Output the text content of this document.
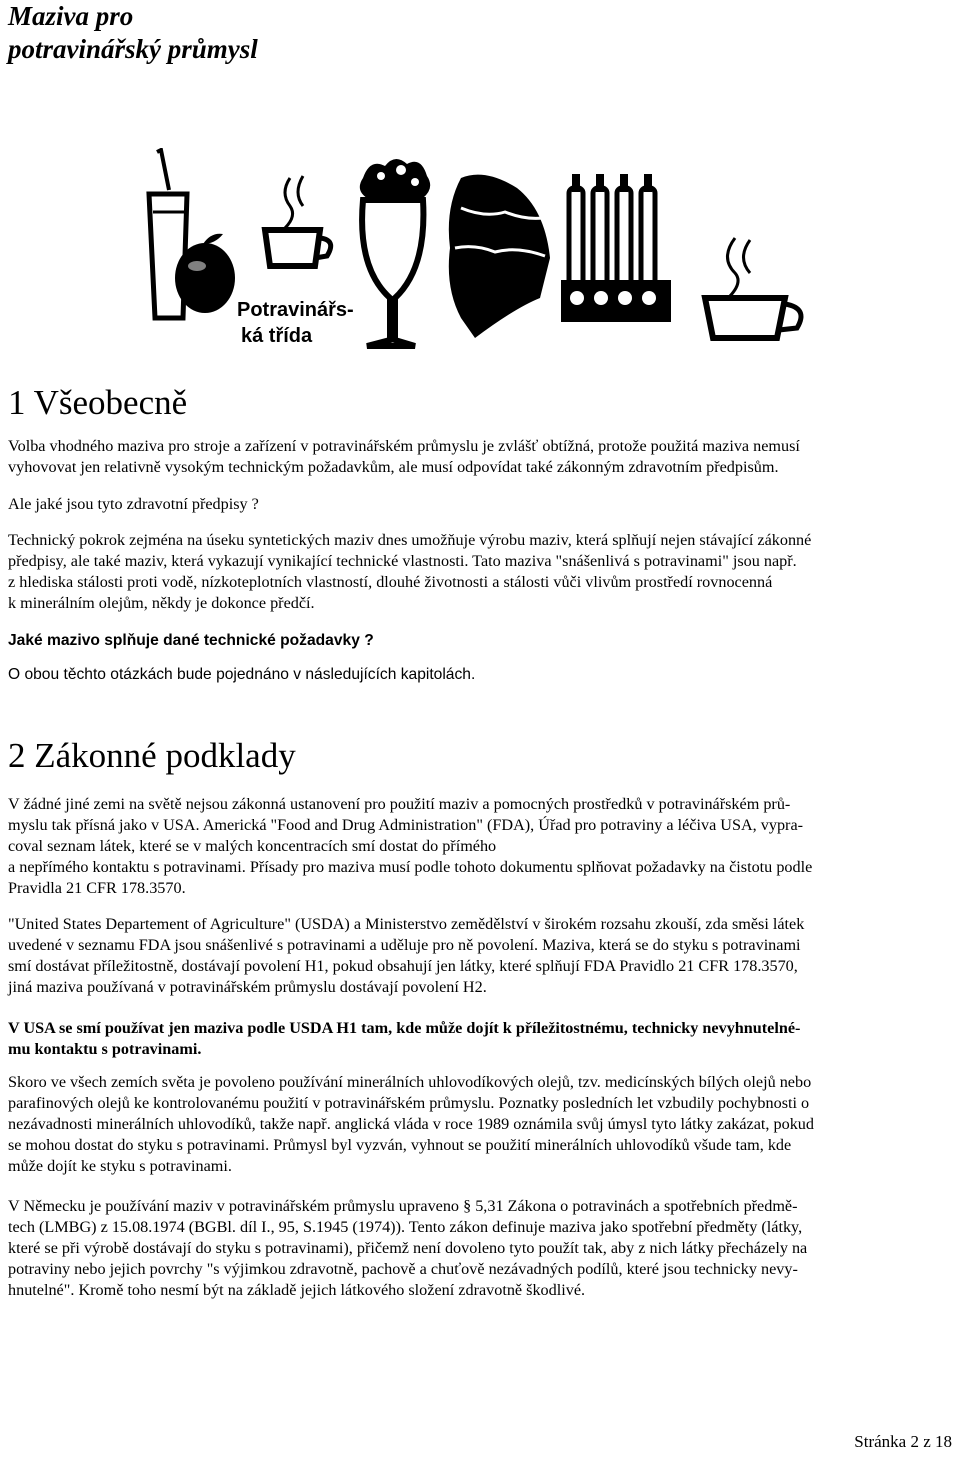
Maziva pro
potravinářský průmysl
Potravinářs-
ká třída
1 Všeobecně
Volba vhodného maziva pro stroje a zařízení v potravinářském průmyslu je zvlášť obtížná, protože použitá maziva nemusí
vyhovovat jen relativně vysokým technickým požadavkům, ale musí odpovídat také zákonným zdravotním předpisům.
Ale jaké jsou tyto zdravotní předpisy ?
Technický pokrok zejména na úseku syntetických maziv dnes umožňuje výrobu maziv, která splňují nejen stávající zákonné
předpisy, ale také maziv, která vykazují vynikající technické vlastnosti. Tato maziva "snášenlivá s potravinami" jsou např.
z hlediska stálosti proti vodě, nízkoteplotních vlastností, dlouhé životnosti a stálosti vůči vlivům prostředí rovnocenná
k minerálním olejům, někdy je dokonce předčí.
Jaké mazivo splňuje dané technické požadavky ?
O obou těchto otázkách bude pojednáno v následujících kapitolách.
2 Zákonné podklady
V žádné jiné zemi na světě nejsou zákonná ustanovení pro použití maziv a pomocných prostředků v potravinářském prů-
myslu tak přísná jako v USA. Americká "Food and Drug Administration" (FDA), Úřad pro potraviny a léčiva USA, vypra-
coval seznam látek, které se v malých koncentracích smí dostat do přímého
a nepřímého kontaktu s potravinami. Přísady pro maziva musí podle tohoto dokumentu splňovat požadavky na čistotu podle
Pravidla 21 CFR 178.3570.
"United States Departement of Agriculture" (USDA) a Ministerstvo zemědělství v širokém rozsahu zkouší, zda směsi látek
uvedené v seznamu FDA jsou snášenlivé s potravinami a uděluje pro ně povolení. Maziva, která se do styku s potravinami
smí dostávat příležitostně, dostávají povolení H1, pokud obsahují jen látky, které splňují FDA Pravidlo 21 CFR 178.3570,
jiná maziva používaná v potravinářském průmyslu dostávají povolení H2.
V USA se smí používat jen maziva podle USDA H1 tam, kde může dojít k příležitostnému, technicky nevyhnutelné-
mu kontaktu s potravinami.
Skoro ve všech zemích světa je povoleno používání minerálních uhlovodíkových olejů, tzv. medicínských bílých olejů nebo
parafinových olejů ke kontrolovanému použití v potravinářském průmyslu. Poznatky posledních let vzbudily pochybnosti o
nezávadnosti minerálních uhlovodíků, takže např. anglická vláda v roce 1989 oznámila svůj úmysl tyto látky zakázat, pokud
se mohou dostat do styku s potravinami. Průmysl byl vyzván, vyhnout se použití minerálních uhlovodíků všude tam, kde
může dojít ke styku s potravinami.
V Německu je používání maziv v potravinářském průmyslu upraveno § 5,31 Zákona o potravinách a spotřebních předmě-
tech (LMBG) z 15.08.1974 (BGBl. díl I., 95, S.1945 (1974)). Tento zákon definuje maziva jako spotřební předměty (látky,
které se při výrobě dostávají do styku s potravinami), přičemž není dovoleno tyto použít tak, aby z nich látky přecházely na
potraviny nebo jejich povrchy "s výjimkou zdravotně, pachově a chuťově nezávadných podílů, které jsou technicky nevy-
hnutelné". Kromě toho nesmí být na základě jejich látkového složení zdravotně škodlivé.
Stránka 2 z 18
